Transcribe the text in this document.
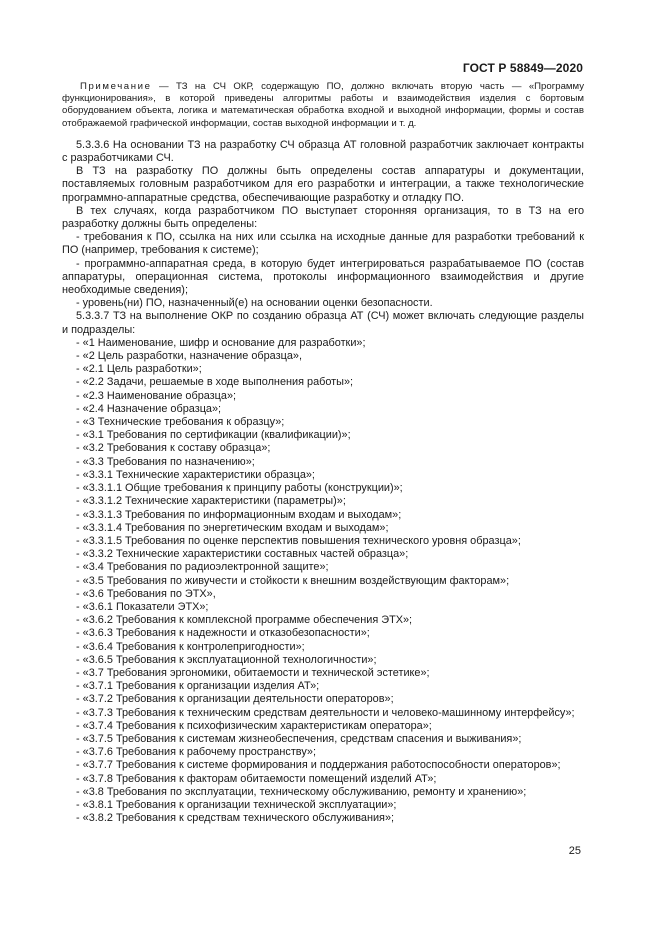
ГОСТ Р 58849—2020
Примечание — ТЗ на СЧ ОКР, содержащую ПО, должно включать вторую часть — «Программу функционирования», в которой приведены алгоритмы работы и взаимодействия изделия с бортовым оборудованием объекта, логика и математическая обработка входной и выходной информации, формы и состав отображаемой графической информации, состав выходной информации и т. д.

5.3.3.6 На основании ТЗ на разработку СЧ образца АТ головной разработчик заключает контракты с разработчиками СЧ.

В ТЗ на разработку ПО должны быть определены состав аппаратуры и документации, поставляемых головным разработчиком для его разработки и интеграции, а также технологические программно-аппаратные средства, обеспечивающие разработку и отладку ПО.

В тех случаях, когда разработчиком ПО выступает сторонняя организация, то в ТЗ на его разработку должны быть определены:

- требования к ПО, ссылка на них или ссылка на исходные данные для разработки требований к ПО (например, требования к системе);

- программно-аппаратная среда, в которую будет интегрироваться разрабатываемое ПО (состав аппаратуры, операционная система, протоколы информационного взаимодействия и другие необходимые сведения);

- уровень(ни) ПО, назначенный(е) на основании оценки безопасности.

5.3.3.7 ТЗ на выполнение ОКР по созданию образца АТ (СЧ) может включать следующие разделы и подразделы:

- «1 Наименование, шифр и основание для разработки»;
- «2 Цель разработки, назначение образца»,
- «2.1 Цель разработки»;
- «2.2 Задачи, решаемые в ходе выполнения работы»;
- «2.3 Наименование образца»;
- «2.4 Назначение образца»;
- «3 Технические требования к образцу»;
- «3.1 Требования по сертификации (квалификации)»;
- «3.2 Требования к составу образца»;
- «3.3 Требования по назначению»;
- «3.3.1 Технические характеристики образца»;
- «3.3.1.1 Общие требования к принципу работы (конструкции)»;
- «3.3.1.2 Технические характеристики (параметры)»;
- «3.3.1.3 Требования по информационным входам и выходам»;
- «3.3.1.4 Требования по энергетическим входам и выходам»;
- «3.3.1.5 Требования по оценке перспектив повышения технического уровня образца»;
- «3.3.2 Технические характеристики составных частей образца»;
- «3.4 Требования по радиоэлектронной защите»;
- «3.5 Требования по живучести и стойкости к внешним воздействующим факторам»;
- «3.6 Требования по ЭТХ»,
- «3.6.1 Показатели ЭТХ»;
- «3.6.2 Требования к комплексной программе обеспечения ЭТХ»;
- «3.6.3 Требования к надежности и отказобезопасности»;
- «3.6.4 Требования к контролепригодности»;
- «3.6.5 Требования к эксплуатационной технологичности»;
- «3.7 Требования эргономики, обитаемости и технической эстетике»;
- «3.7.1 Требования к организации изделия АТ»;
- «3.7.2 Требования к организации деятельности операторов»;
- «3.7.3 Требования к техническим средствам деятельности и человеко-машинному интерфейсу»;
- «3.7.4 Требования к психофизическим характеристикам оператора»;
- «3.7.5 Требования к системам жизнеобеспечения, средствам спасения и выживания»;
- «3.7.6 Требования к рабочему пространству»;
- «3.7.7 Требования к системе формирования и поддержания работоспособности операторов»;
- «3.7.8 Требования к факторам обитаемости помещений изделий АТ»;
- «3.8 Требования по эксплуатации, техническому обслуживанию, ремонту и хранению»;
- «3.8.1 Требования к организации технической эксплуатации»;
- «3.8.2 Требования к средствам технического обслуживания»;
25
